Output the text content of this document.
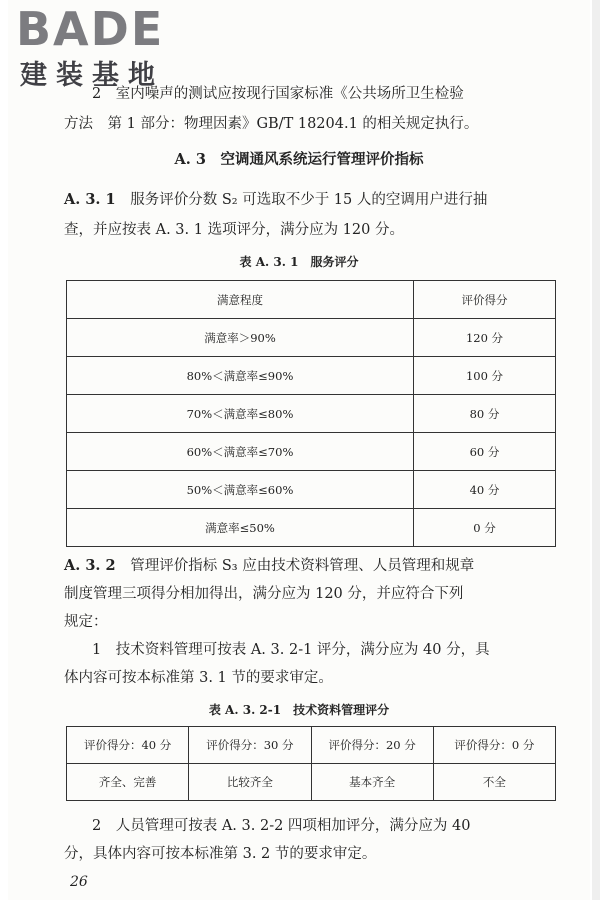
BADE
建装基地
2　室内噪声的测试应按现行国家标准《公共场所卫生检验
方法　第 1 部分：物理因素》GB/T 18204.1 的相关规定执行。
A. 3　空调通风系统运行管理评价指标
A. 3. 1 服务评价分数 S₂ 可选取不少于 15 人的空调用户进行抽
查，并应按表 A. 3. 1 选项评分，满分应为 120 分。
表 A. 3. 1　服务评分
满意程度	评价得分
满意率＞90%	120 分
80%＜满意率≤90%	100 分
70%＜满意率≤80%	80 分
60%＜满意率≤70%	60 分
50%＜满意率≤60%	40 分
满意率≤50%	0 分
A. 3. 2 管理评价指标 S₃ 应由技术资料管理、人员管理和规章
制度管理三项得分相加得出，满分应为 120 分，并应符合下列
规定：
1　技术资料管理可按表 A. 3. 2-1 评分，满分应为 40 分，具
体内容可按本标准第 3. 1 节的要求审定。
表 A. 3. 2-1　技术资料管理评分
评价得分：40 分	评价得分：30 分	评价得分：20 分	评价得分：0 分
齐全、完善	比较齐全	基本齐全	不全
2　人员管理可按表 A. 3. 2-2 四项相加评分，满分应为 40
分，具体内容可按本标准第 3. 2 节的要求审定。
26
